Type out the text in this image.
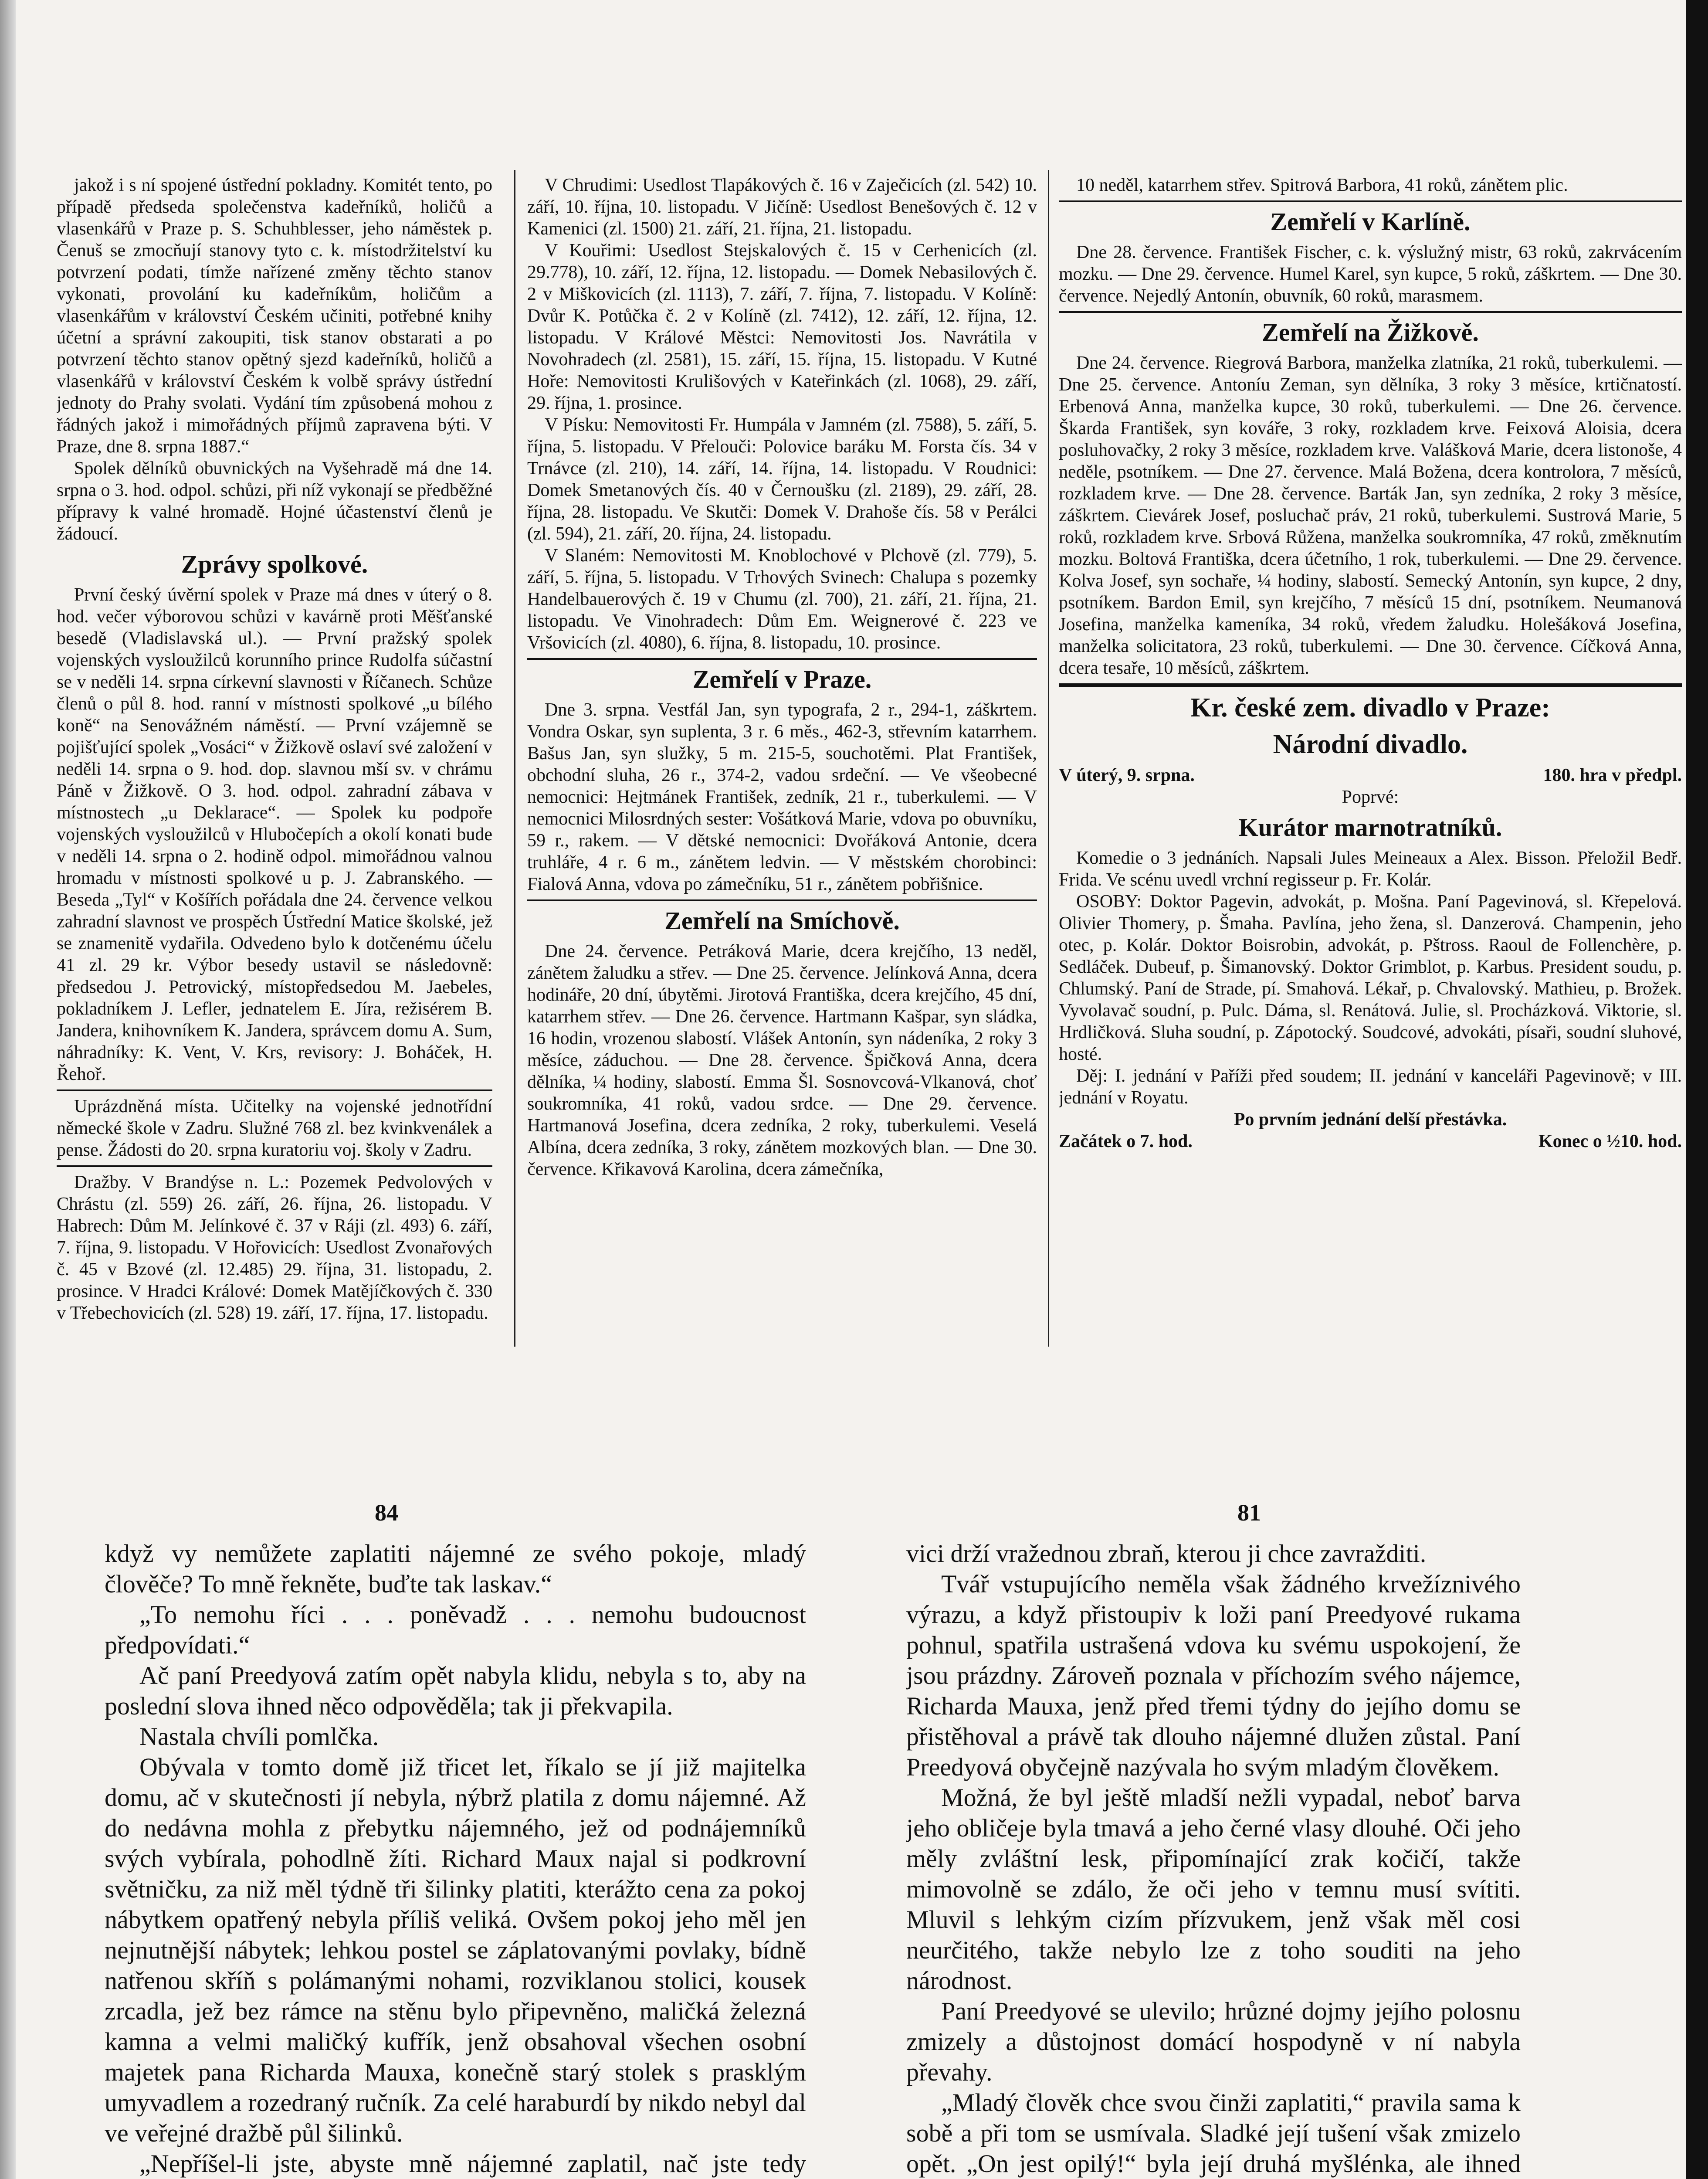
jakož i s ní spojené ústřední pokladny. Komitét tento, po případě předseda společenstva kadeřníků, holičů a vlasenkářů v Praze p. S. Schuhblesser, jeho náměstek p. Čenuš se zmocňují stanovy tyto c. k. místodržitelství ku potvrzení podati, tímže nařízené změny těchto stanov vykonati, provolání ku kadeřníkům, holičům a vlasenkářům v království Českém učiniti, potřebné knihy účetní a správní zakoupiti, tisk stanov obstarati a po potvrzení těchto stanov opětný sjezd kadeřníků, holičů a vlasenkářů v království Českém k volbě správy ústřední jednoty do Prahy svolati. Vydání tím způsobená mohou z řádných jakož i mimořádných příjmů zapravena býti. V Praze, dne 8. srpna 1887.“

Spolek dělníků obuvnických na Vyšehradě má dne 14. srpna o 3. hod. odpol. schůzi, při níž vykonají se předběžné přípravy k valné hromadě. Hojné účastenství členů je žádoucí.

Zprávy spolkové.

První český úvěrní spolek v Praze má dnes v úterý o 8. hod. večer výborovou schůzi v kavárně proti Měšťanské besedě (Vladislavská ul.). — První pražský spolek vojenských vysloužilců korunního prince Rudolfa súčastní se v neděli 14. srpna církevní slavnosti v Říčanech. Schůze členů o půl 8. hod. ranní v místnosti spolkové „u bílého koně“ na Senovážném náměstí. — První vzájemně se pojišťující spolek „Vosáci“ v Žižkově oslaví své založení v neděli 14. srpna o 9. hod. dop. slavnou mší sv. v chrámu Páně v Žižkově. O 3. hod. odpol. zahradní zábava v místnostech „u Deklarace“. — Spolek ku podpoře vojenských vysloužilců v Hlubočepích a okolí konati bude v neděli 14. srpna o 2. hodině odpol. mimořádnou valnou hromadu v místnosti spolkové u p. J. Zabranského. — Beseda „Tyl“ v Košířích pořádala dne 24. července velkou zahradní slavnost ve prospěch Ústřední Matice školské, jež se znamenitě vydařila. Odvedeno bylo k dotčenému účelu 41 zl. 29 kr. Výbor besedy ustavil se následovně: předsedou J. Petrovický, místopředsedou M. Jaebeles, pokladníkem J. Lefler, jednatelem E. Jíra, režisérem B. Jandera, knihovníkem K. Jandera, správcem domu A. Sum, náhradníky: K. Vent, V. Krs, revisory: J. Boháček, H. Řehoř.

Uprázdněná místa. Učitelky na vojenské jednotřídní německé škole v Zadru. Služné 768 zl. bez kvinkvenálek a pense. Žádosti do 20. srpna kuratoriu voj. školy v Zadru.

Dražby. V Brandýse n. L.: Pozemek Pedvolových v Chrástu (zl. 559) 26. září, 26. října, 26. listopadu. V Habrech: Dům M. Jelínkové č. 37 v Ráji (zl. 493) 6. září, 7. října, 9. listopadu. V Hořovicích: Usedlost Zvonařových č. 45 v Bzové (zl. 12.485) 29. října, 31. listopadu, 2. prosince. V Hradci Králové: Domek Matějíčkových č. 330 v Třebechovicích (zl. 528) 19. září, 17. října, 17. listopadu.

V Chrudimi: Usedlost Tlapákových č. 16 v Zaječicích (zl. 542) 10. září, 10. října, 10. listopadu. V Jičíně: Usedlost Benešových č. 12 v Kamenici (zl. 1500) 21. září, 21. října, 21. listopadu.

V Kouřimi: Usedlost Stejskalových č. 15 v Cerhenicích (zl. 29.778), 10. září, 12. října, 12. listopadu. — Domek Nebasilových č. 2 v Miškovicích (zl. 1113), 7. září, 7. října, 7. listopadu. V Kolíně: Dvůr K. Potůčka č. 2 v Kolíně (zl. 7412), 12. září, 12. října, 12. listopadu. V Králové Městci: Nemovitosti Jos. Navrátila v Novohradech (zl. 2581), 15. září, 15. října, 15. listopadu. V Kutné Hoře: Nemovitosti Krulišových v Kateřinkách (zl. 1068), 29. září, 29. října, 1. prosince.

V Písku: Nemovitosti Fr. Humpála v Jamném (zl. 7588), 5. září, 5. října, 5. listopadu. V Přelouči: Polovice baráku M. Forsta čís. 34 v Trnávce (zl. 210), 14. září, 14. října, 14. listopadu. V Roudnici: Domek Smetanových čís. 40 v Černoušku (zl. 2189), 29. září, 28. října, 28. listopadu. Ve Skutči: Domek V. Drahoše čís. 58 v Perálci (zl. 594), 21. září, 20. října, 24. listopadu.

V Slaném: Nemovitosti M. Knoblochové v Plchově (zl. 779), 5. září, 5. října, 5. listopadu. V Trhových Svinech: Chalupa s pozemky Handelbauerových č. 19 v Chumu (zl. 700), 21. září, 21. října, 21. listopadu. Ve Vinohradech: Dům Em. Weignerové č. 223 ve Vršovicích (zl. 4080), 6. října, 8. listopadu, 10. prosince.

Zemřelí v Praze.

Dne 3. srpna. Vestfál Jan, syn typografa, 2 r., 294-1, záškrtem. Vondra Oskar, syn suplenta, 3 r. 6 měs., 462-3, střevním katarrhem. Bašus Jan, syn služky, 5 m. 215-5, souchotěmi. Plat František, obchodní sluha, 26 r., 374-2, vadou srdeční. — Ve všeobecné nemocnici: Hejtmánek František, zedník, 21 r., tuberkulemi. — V nemocnici Milosrdných sester: Vošátková Marie, vdova po obuvníku, 59 r., rakem. — V dětské nemocnici: Dvořáková Antonie, dcera truhláře, 4 r. 6 m., zánětem ledvin. — V městském chorobinci: Fialová Anna, vdova po zámečníku, 51 r., zánětem pobřišnice.

Zemřelí na Smíchově.

Dne 24. července. Petráková Marie, dcera krejčího, 13 neděl, zánětem žaludku a střev. — Dne 25. července. Jelínková Anna, dcera hodináře, 20 dní, úbytěmi. Jirotová Františka, dcera krejčího, 45 dní, katarrhem střev. — Dne 26. července. Hartmann Kašpar, syn sládka, 16 hodin, vrozenou slabostí. Vlášek Antonín, syn nádeníka, 2 roky 3 měsíce, záduchou. — Dne 28. července. Špičková Anna, dcera dělníka, ¼ hodiny, slabostí. Emma Šl. Sosnovcová-Vlkanová, choť soukromníka, 41 roků, vadou srdce. — Dne 29. července. Hartmanová Josefina, dcera zedníka, 2 roky, tuberkulemi. Veselá Albína, dcera zedníka, 3 roky, zánětem mozkových blan. — Dne 30. července. Křikavová Karolina, dcera zámečníka,

10 neděl, katarrhem střev. Spitrová Barbora, 41 roků, zánětem plic.

Zemřelí v Karlíně.

Dne 28. července. František Fischer, c. k. výslužný mistr, 63 roků, zakrvácením mozku. — Dne 29. července. Humel Karel, syn kupce, 5 roků, záškrtem. — Dne 30. července. Nejedlý Antonín, obuvník, 60 roků, marasmem.

Zemřelí na Žižkově.

Dne 24. července. Riegrová Barbora, manželka zlatníka, 21 roků, tuberkulemi. — Dne 25. července. Antoníu Zeman, syn dělníka, 3 roky 3 měsíce, krtičnatostí. Erbenová Anna, manželka kupce, 30 roků, tuberkulemi. — Dne 26. července. Škarda František, syn kováře, 3 roky, rozkladem krve. Feixová Aloisia, dcera posluhovačky, 2 roky 3 měsíce, rozkladem krve. Valášková Marie, dcera listonoše, 4 neděle, psotníkem. — Dne 27. července. Malá Božena, dcera kontrolora, 7 měsíců, rozkladem krve. — Dne 28. července. Barták Jan, syn zedníka, 2 roky 3 měsíce, záškrtem. Cievárek Josef, posluchač práv, 21 roků, tuberkulemi. Sustrová Marie, 5 roků, rozkladem krve. Srbová Růžena, manželka soukromníka, 47 roků, změknutím mozku. Boltová Františka, dcera účetního, 1 rok, tuberkulemi. — Dne 29. července. Kolva Josef, syn sochaře, ¼ hodiny, slabostí. Semecký Antonín, syn kupce, 2 dny, psotníkem. Bardon Emil, syn krejčího, 7 měsíců 15 dní, psotníkem. Neumanová Josefina, manželka kameníka, 34 roků, vředem žaludku. Holešáková Josefina, manželka solicitatora, 23 roků, tuberkulemi. — Dne 30. července. Cíčková Anna, dcera tesaře, 10 měsíců, záškrtem.

Kr. české zem. divadlo v Praze:
Národní divadlo.
V úterý, 9. srpna.	180. hra v předpl.
Poprvé:
Kurátor marnotratníků.

Komedie o 3 jednáních. Napsali Jules Meineaux a Alex. Bisson. Přeložil Bedř. Frida. Ve scénu uvedl vrchní regisseur p. Fr. Kolár.

OSOBY: Doktor Pagevin, advokát, p. Mošna. Paní Pagevinová, sl. Křepelová. Olivier Thomery, p. Šmaha. Pavlína, jeho žena, sl. Danzerová. Champenin, jeho otec, p. Kolár. Doktor Boisrobin, advokát, p. Pštross. Raoul de Follenchère, p. Sedláček. Dubeuf, p. Šimanovský. Doktor Grimblot, p. Karbus. President soudu, p. Chlumský. Paní de Strade, pí. Smahová. Lékař, p. Chvalovský. Mathieu, p. Brožek. Vyvolavač soudní, p. Pulc. Dáma, sl. Renátová. Julie, sl. Procházková. Viktorie, sl. Hrdličková. Sluha soudní, p. Zápotocký. Soudcové, advokáti, písaři, soudní sluhové, hosté.

Děj: I. jednání v Paříži před soudem; II. jednání v kanceláři Pagevinově; v III. jednání v Royatu.

Po prvním jednání delší přestávka.
Začátek o 7. hod.	Konec o ½10. hod.
84	81

když vy nemůžete zaplatiti nájemné ze svého pokoje, mladý člověče? To mně řekněte, buďte tak laskav.“

„To nemohu říci . . . poněvadž . . . nemohu budoucnost předpovídati.“

Ač paní Preedyová zatím opět nabyla klidu, nebyla s to, aby na poslední slova ihned něco odpověděla; tak ji překvapila.

Nastala chvíli pomlčka.

Obývala v tomto domě již třicet let, říkalo se jí již majitelka domu, ač v skutečnosti jí nebyla, nýbrž platila z domu nájemné. Až do nedávna mohla z přebytku nájemného, jež od podnájemníků svých vybírala, pohodlně žíti. Richard Maux najal si podkrovní světničku, za niž měl týdně tři šilinky platiti, kterážto cena za pokoj nábytkem opatřený nebyla příliš veliká. Ovšem pokoj jeho měl jen nejnutnější nábytek; lehkou postel se záplatovanými povlaky, bídně natřenou skříň s polámanými nohami, rozviklanou stolici, kousek zrcadla, jež bez rámce na stěnu bylo připevněno, maličká železná kamna a velmi maličký kufřík, jenž obsahoval všechen osobní majetek pana Richarda Mauxa, konečně starý stolek s prasklým umyvadlem a rozedraný ručník. Za celé haraburdí by nikdo nebyl dal ve veřejné dražbě půl šilinků.

„Nepříšel-li jste, abyste mně nájemné zaplatil, nač jste tedy

vici drží vražednou zbraň, kterou ji chce zavražditi.

Tvář vstupujícího neměla však žádného krvežíznivého výrazu, a když přistoupiv k loži paní Preedyové rukama pohnul, spatřila ustrašená vdova ku svému uspokojení, že jsou prázdny. Zároveň poznala v příchozím svého nájemce, Richarda Mauxa, jenž před třemi týdny do jejího domu se přistěhoval a právě tak dlouho nájemné dlužen zůstal. Paní Preedyová obyčejně nazývala ho svým mladým člověkem.

Možná, že byl ještě mladší nežli vypadal, neboť barva jeho obličeje byla tmavá a jeho černé vlasy dlouhé. Oči jeho měly zvláštní lesk, připomínající zrak kočičí, takže mimovolně se zdálo, že oči jeho v temnu musí svítiti. Mluvil s lehkým cizím přízvukem, jenž však měl cosi neurčitého, takže nebylo lze z toho souditi na jeho národnost.

Paní Preedyové se ulevilo; hrůzné dojmy jejího polosnu zmizely a důstojnost domácí hospodyně v ní nabyla převahy.

„Mladý člověk chce svou činži zaplatiti,“ pravila sama k sobě a při tom se usmívala. Sladké její tušení však zmizelo opět. „On jest opilý!“ byla její druhá myšlénka, ale ihned
